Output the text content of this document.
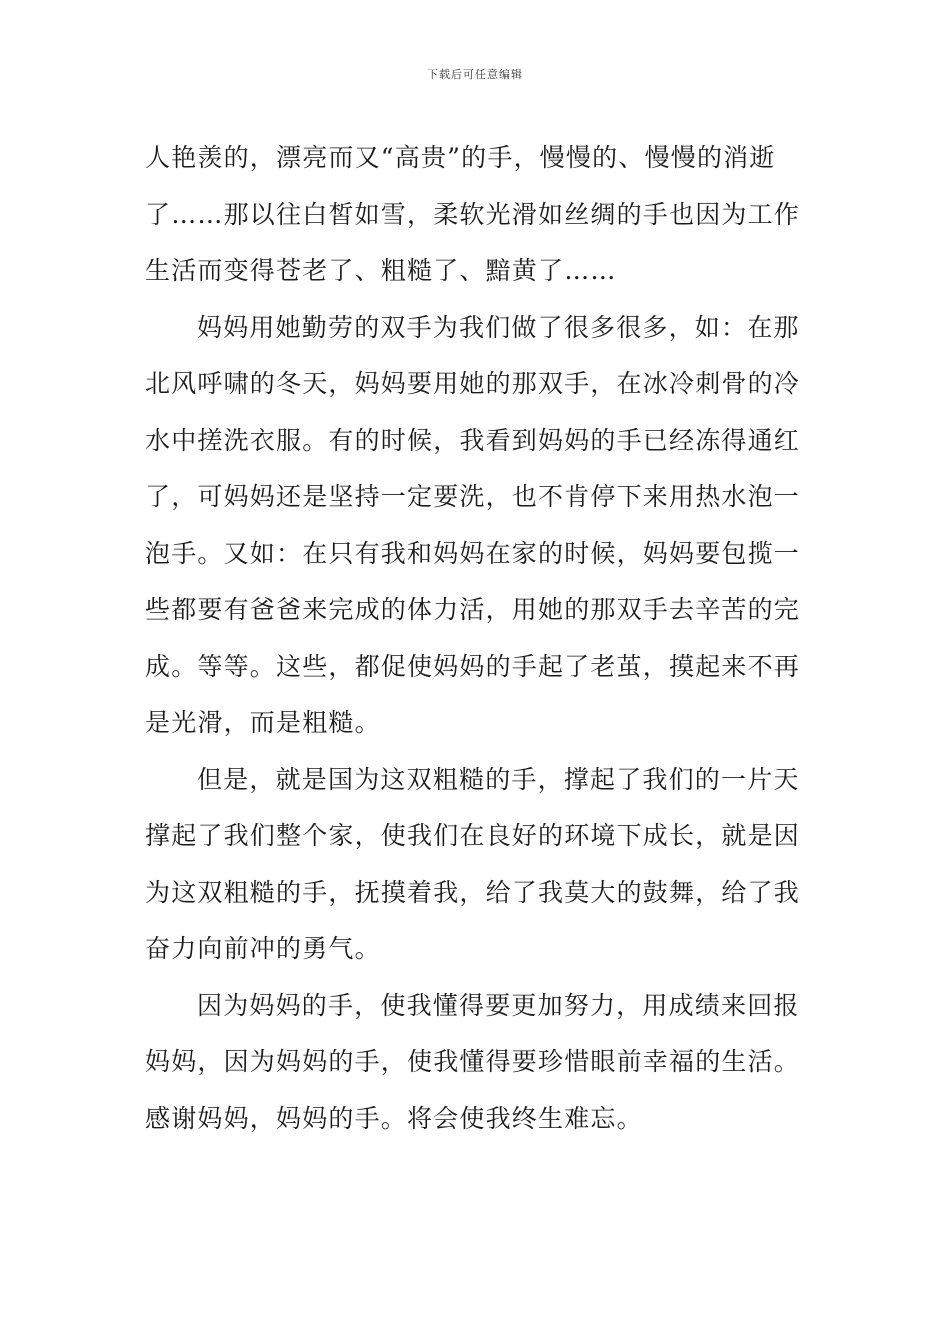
下载后可任意编辑
人艳羡的，漂亮而又“高贵”的手，慢慢的、慢慢的消逝
了……那以往白皙如雪，柔软光滑如丝绸的手也因为工作
生活而变得苍老了、粗糙了、黯黄了……
妈妈用她勤劳的双手为我们做了很多很多，如：在那
北风呼啸的冬天，妈妈要用她的那双手，在冰冷刺骨的冷
水中搓洗衣服。有的时候，我看到妈妈的手已经冻得通红
了，可妈妈还是坚持一定要洗，也不肯停下来用热水泡一
泡手。又如：在只有我和妈妈在家的时候，妈妈要包揽一
些都要有爸爸来完成的体力活，用她的那双手去辛苦的完
成。等等。这些，都促使妈妈的手起了老茧，摸起来不再
是光滑，而是粗糙。
但是，就是国为这双粗糙的手，撑起了我们的一片天
撑起了我们整个家，使我们在良好的环境下成长，就是因
为这双粗糙的手，抚摸着我，给了我莫大的鼓舞，给了我
奋力向前冲的勇气。
因为妈妈的手，使我懂得要更加努力，用成绩来回报
妈妈，因为妈妈的手，使我懂得要珍惜眼前幸福的生活。
感谢妈妈，妈妈的手。将会使我终生难忘。
